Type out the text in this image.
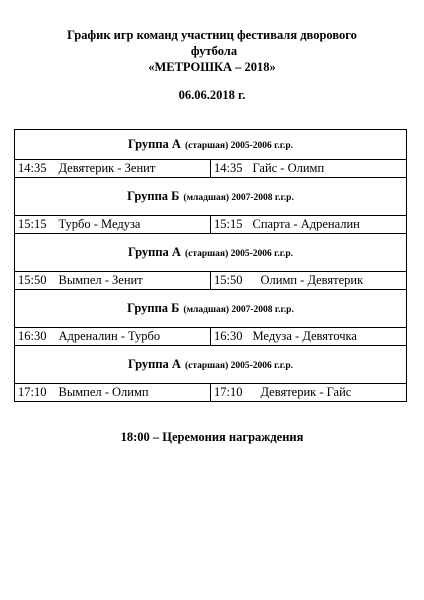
График игр команд участниц фестиваля дворового
футбола
«МЕТРОШКА – 2018»
06.06.2018 г.
Группа А (старшая) 2005-2006 г.г.р.	
14:35 Девятерик - Зенит	14:35 Гайс - Олимп
Группа Б (младшая) 2007-2008 г.г.р.	
15:15 Турбо - Медуза	15:15 Спарта - Адреналин
Группа А (старшая) 2005-2006 г.г.р.	
15:50 Вымпел - Зенит	15:50 Олимп - Девятерик
Группа Б (младшая) 2007-2008 г.г.р.	
16:30 Адреналин - Турбо	16:30 Медуза - Девяточка
Группа А (старшая) 2005-2006 г.г.р.	
17:10 Вымпел - Олимп	17:10 Девятерик - Гайс
18:00 – Церемония награждения
